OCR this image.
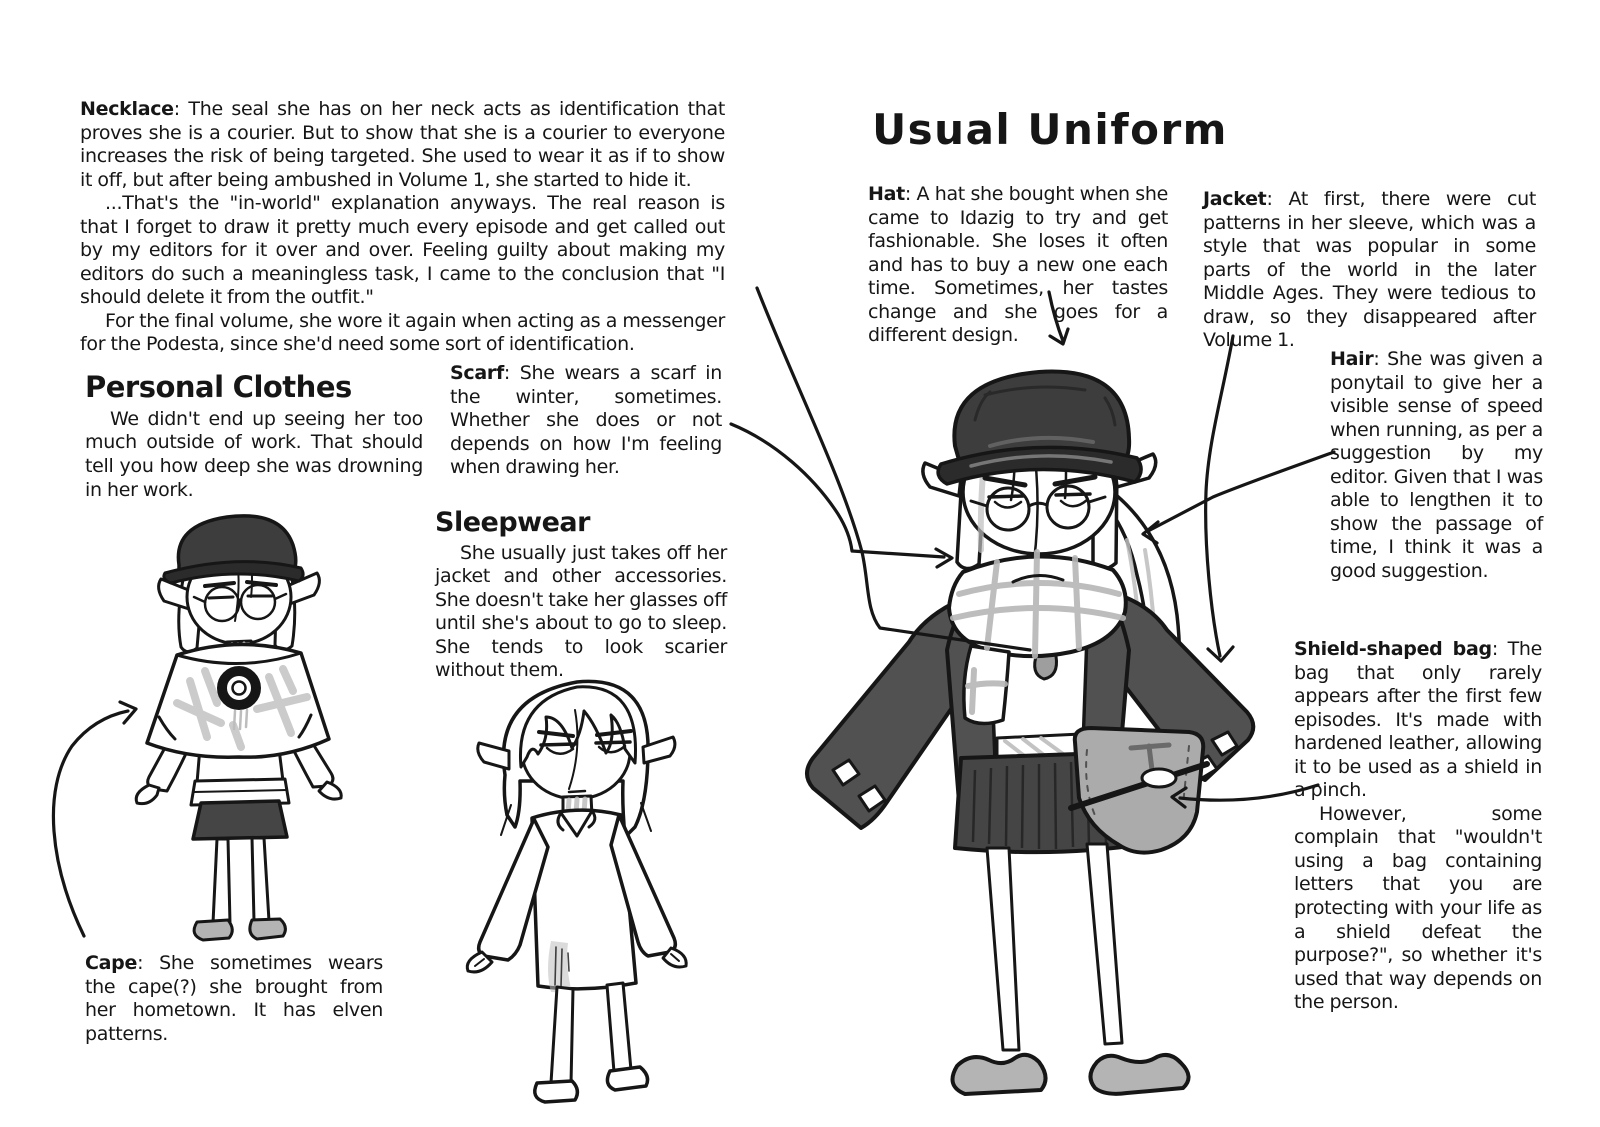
Necklace: The seal she has on her neck acts as identification that proves she is a courier. But to show that she is a courier to everyone increases the risk of being targeted. She used to wear it as if to show it off, but after being ambushed in Volume 1, she started to hide it.

...That's the "in-world" explanation anyways. The real reason is that I forget to draw it pretty much every episode and get called out by my editors for it over and over. Feeling guilty about making my editors do such a meaningless task, I came to the conclusion that "I should delete it from the outfit."

For the final volume, she wore it again when acting as a messenger for the Podesta, since she'd need some sort of identification.

Personal Clothes

We didn't end up seeing her too much outside of work. That should tell you how deep she was drowning in her work.

Scarf: She wears a scarf in the winter, sometimes. Whether she does or not depends on how I'm feeling when drawing her.

Sleepwear

She usually just takes off her jacket and other accessories. She doesn't take her glasses off until she's about to go to sleep. She tends to look scarier without them.

Usual Uniform

Hat: A hat she bought when she came to Idazig to try and get fashionable. She loses it often and has to buy a new one each time. Sometimes, her tastes change and she goes for a different design.

Jacket: At first, there were cut patterns in her sleeve, which was a style that was popular in some parts of the world in the later Middle Ages. They were tedious to draw, so they disappeared after Volume 1.

Hair: She was given a ponytail to give her a visible sense of speed when running, as per a suggestion by my editor. Given that I was able to lengthen it to show the passage of time, I think it was a good suggestion.

Shield-shaped bag: The bag that only rarely appears after the first few episodes. It's made with hardened leather, allowing it to be used as a shield in a pinch.

However, some complain that "wouldn't using a bag containing letters that you are protecting with your life as a shield defeat the purpose?", so whether it's used that way depends on the person.

Cape: She sometimes wears the cape(?) she brought from her hometown. It has elven patterns.
